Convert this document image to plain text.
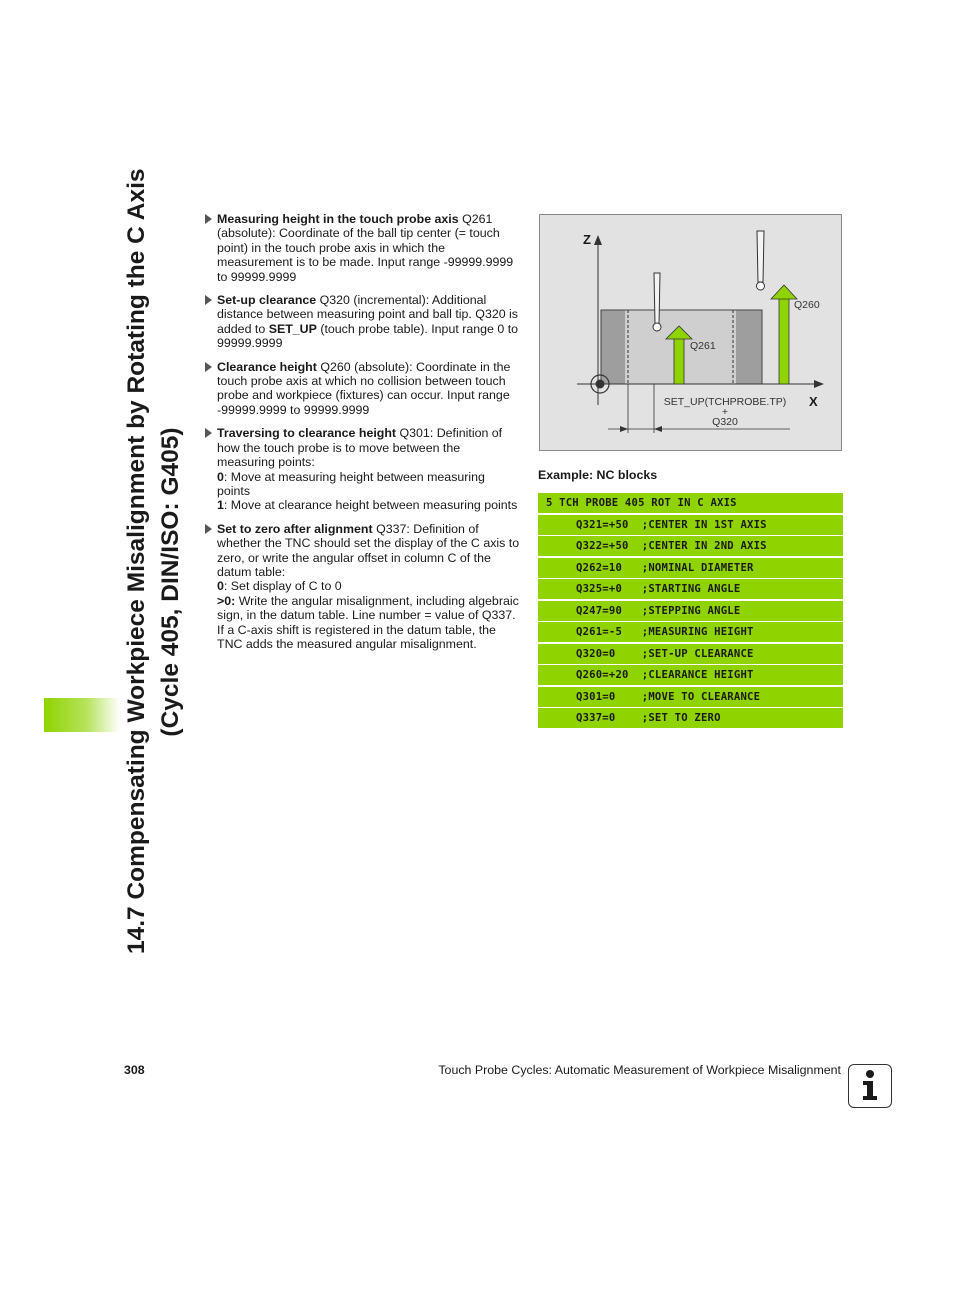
14.7 Compensating Workpiece Misalignment by Rotating the C Axis (Cycle 405, DIN/ISO: G405)

Measuring height in the touch probe axis Q261
(absolute): Coordinate of the ball tip center (= touch point) in the touch probe axis in which the measurement is to be made. Input range -99999.9999 to 99999.9999

Set-up clearance Q320 (incremental): Additional distance between measuring point and ball tip. Q320 is added to SET_UP (touch probe table). Input range 0 to 99999.9999

Clearance height Q260 (absolute): Coordinate in the touch probe axis at which no collision between touch probe and workpiece (fixtures) can occur. Input range -99999.9999 to 99999.9999

Traversing to clearance height Q301: Definition of how the touch probe is to move between the measuring points:
0: Move at measuring height between measuring points
1: Move at clearance height between measuring points

Set to zero after alignment Q337: Definition of whether the TNC should set the display of the C axis to zero, or write the angular offset in column C of the datum table:
0: Set display of C to 0
>0: Write the angular misalignment, including algebraic sign, in the datum table. Line number = value of Q337. If a C-axis shift is registered in the datum table, the TNC adds the measured angular misalignment.

Z
X
Q261
Q260
SET_UP(TCHPROBE.TP)
+
Q320
Example: NC blocks
5 TCH PROBE 405 ROT IN C AXIS
Q321=+50  ;CENTER IN 1ST AXIS
Q322=+50  ;CENTER IN 2ND AXIS
Q262=10   ;NOMINAL DIAMETER
Q325=+0   ;STARTING ANGLE
Q247=90   ;STEPPING ANGLE
Q261=-5   ;MEASURING HEIGHT
Q320=0    ;SET-UP CLEARANCE
Q260=+20  ;CLEARANCE HEIGHT
Q301=0    ;MOVE TO CLEARANCE
Q337=0    ;SET TO ZERO
308	Touch Probe Cycles: Automatic Measurement of Workpiece Misalignment
